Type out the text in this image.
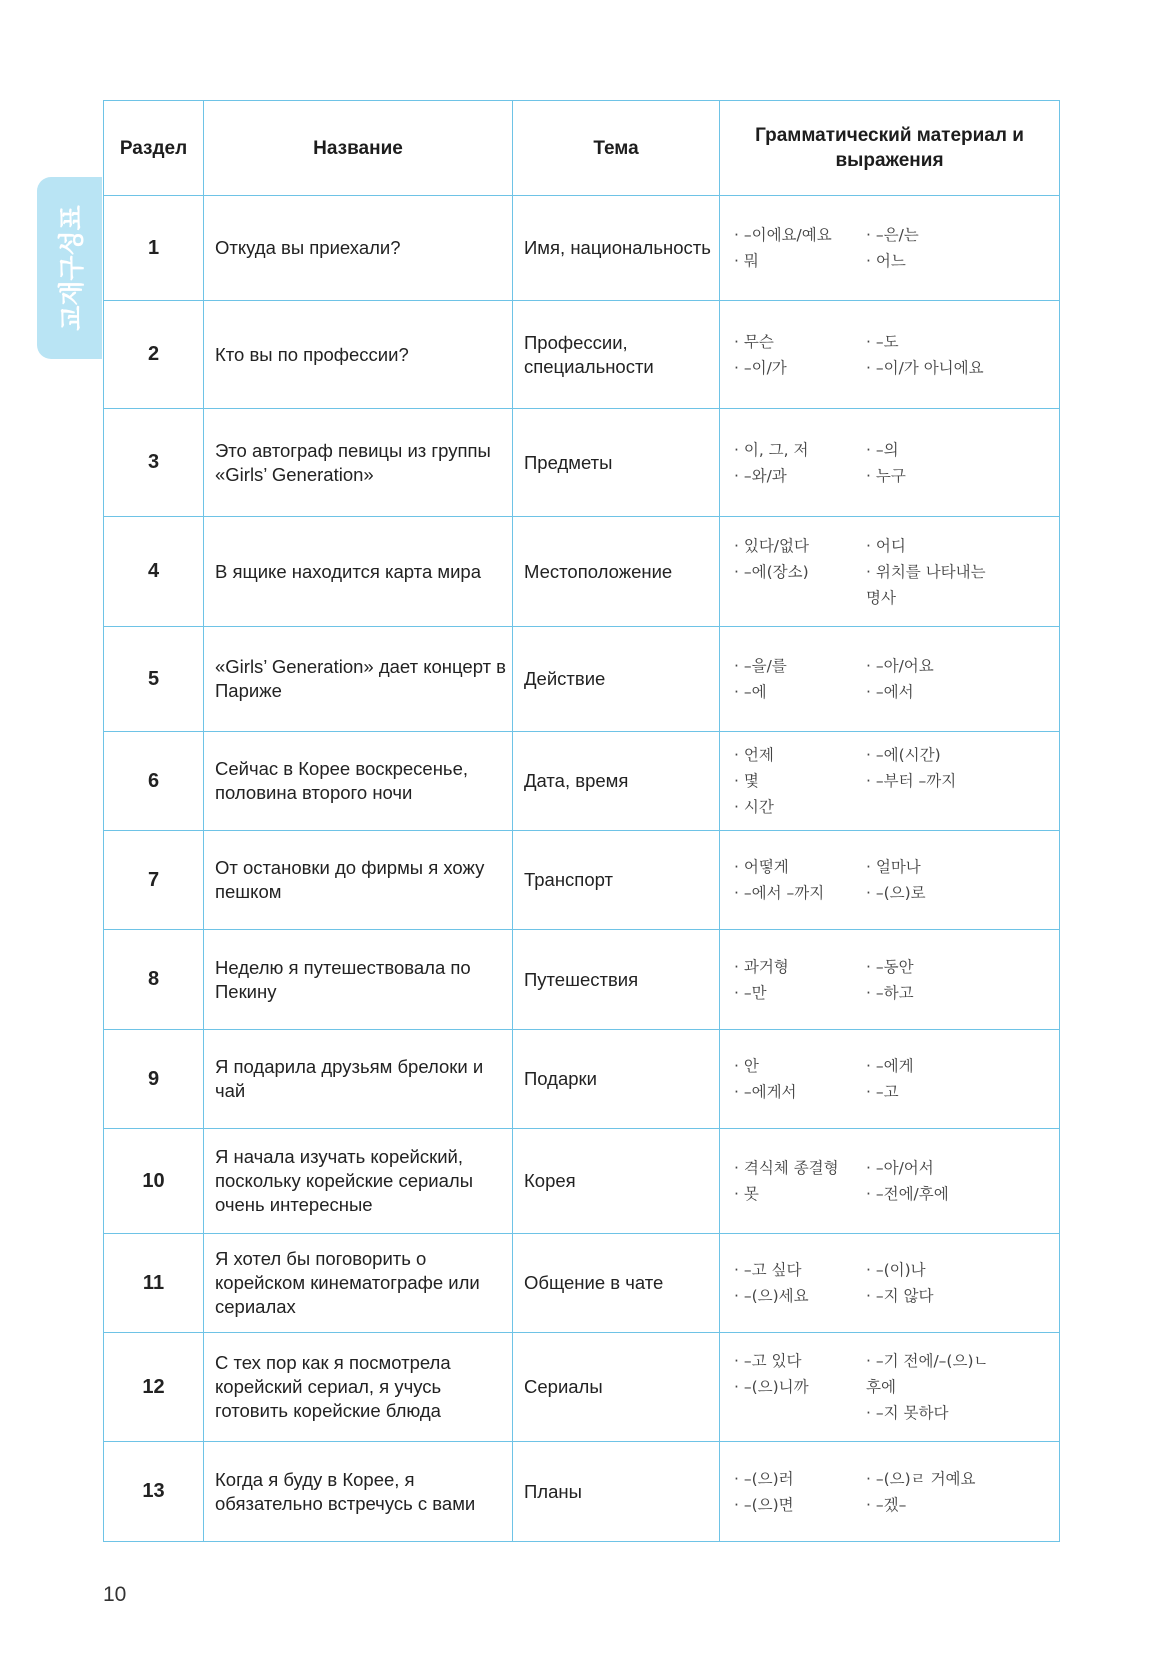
교재구성표
Раздел	Название	Тема	Грамматический материал и выражения
1	Откуда вы приехали?	Имя, национальность	· –이에요/예요
· 뭐
· –은/는
· 어느

2	Кто вы по профессии?	Профессии, специальности	· 무슨
· –이/가
· –도
· –이/가 아니에요

3	Это автограф певицы из группы «Girls’ Generation»	Предметы	· 이, 그, 저
· –와/과
· –의
· 누구

4	В ящике находится карта мира	Местоположение	· 있다/없다
· –에(장소)
· 어디
· 위치를 나타내는 명사

5	«Girls’ Generation» дает концерт в Париже	Действие	· –을/를
· –에
· –아/어요
· –에서

6	Сейчас в Корее воскресенье, половина второго ночи	Дата, время	· 언제
· 몇
· 시간
· –에(시간)
· –부터 –까지

7	От остановки до фирмы я хожу пешком	Транспорт	· 어떻게
· –에서 –까지
· 얼마나
· –(으)로

8	Неделю я путешествовала по Пекину	Путешествия	· 과거형
· –만
· –동안
· –하고

9	Я подарила друзьям брелоки и чай	Подарки	· 안
· –에게서
· –에게
· –고

10	Я начала изучать корейский, поскольку корейские сериалы очень интересные	Корея	· 격식체 종결형
· 못
· –아/어서
· –전에/후에

11	Я хотел бы поговорить о корейском кинематографе или сериалах	Общение в чате	· –고 싶다
· –(으)세요
· –(이)나
· –지 않다

12	С тех пор как я посмотрела корейский сериал, я учусь готовить корейские блюда	Сериалы	· –고 있다
· –(으)니까
· –기 전에/–(으)ㄴ 후에
· –지 못하다

13	Когда я буду в Корее, я обязательно встречусь с вами	Планы	· –(으)러
· –(으)면
· –(으)ㄹ 거예요
· –겠–
10
